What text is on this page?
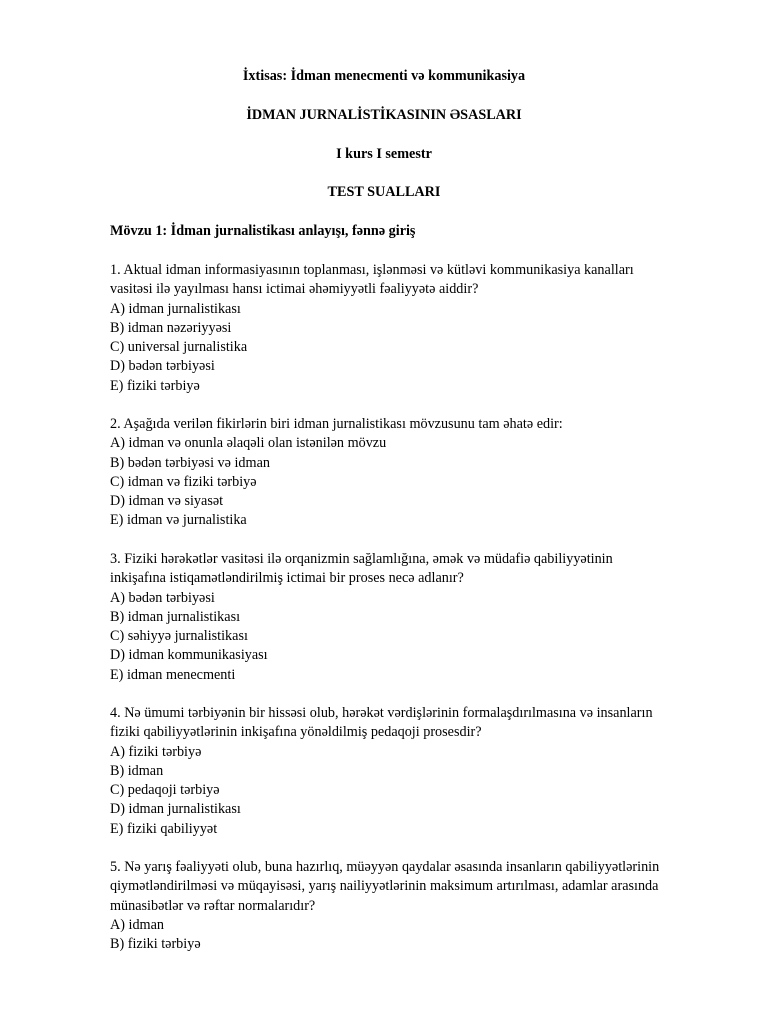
İxtisas: İdman menecmenti və kommunikasiya

İDMAN JURNALİSTİKASININ ƏSASLARI

I kurs I semestr

TEST SUALLARI

Mövzu 1: İdman jurnalistikası anlayışı, fənnə giriş

1. Aktual idman informasiyasının toplanması, işlənməsi və kütləvi kommunikasiya kanalları
vasitəsi ilə yayılması hansı ictimai əhəmiyyətli fəaliyyətə aiddir?

A) idman jurnalistikası
B) idman nəzəriyyəsi
C) universal jurnalistika
D) bədən tərbiyəsi
E) fiziki tərbiyə

2. Aşağıda verilən fikirlərin biri idman jurnalistikası mövzusunu tam əhatə edir:

A) idman və onunla əlaqəli olan istənilən mövzu
B) bədən tərbiyəsi və idman
C) idman və fiziki tərbiyə
D) idman və siyasət
E) idman və jurnalistika

3. Fiziki hərəkətlər vasitəsi ilə orqanizmin sağlamlığına, əmək və müdafiə qabiliyyətinin
inkişafına istiqamətləndirilmiş ictimai bir proses necə adlanır?

A) bədən tərbiyəsi
B) idman jurnalistikası
C) səhiyyə jurnalistikası
D) idman kommunikasiyası
E) idman menecmenti

4. Nə ümumi tərbiyənin bir hissəsi olub, hərəkət vərdişlərinin formalaşdırılmasına və insanların
fiziki qabiliyyətlərinin inkişafına yönəldilmiş pedaqoji prosesdir?

A) fiziki tərbiyə
B) idman
C) pedaqoji tərbiyə
D) idman jurnalistikası
E) fiziki qabiliyyət

5. Nə yarış fəaliyyəti olub, buna hazırlıq, müəyyən qaydalar əsasında insanların qabiliyyətlərinin
qiymətləndirilməsi və müqayisəsi, yarış nailiyyətlərinin maksimum artırılması, adamlar arasında
münasibətlər və rəftar normalarıdır?

A) idman
B) fiziki tərbiyə
